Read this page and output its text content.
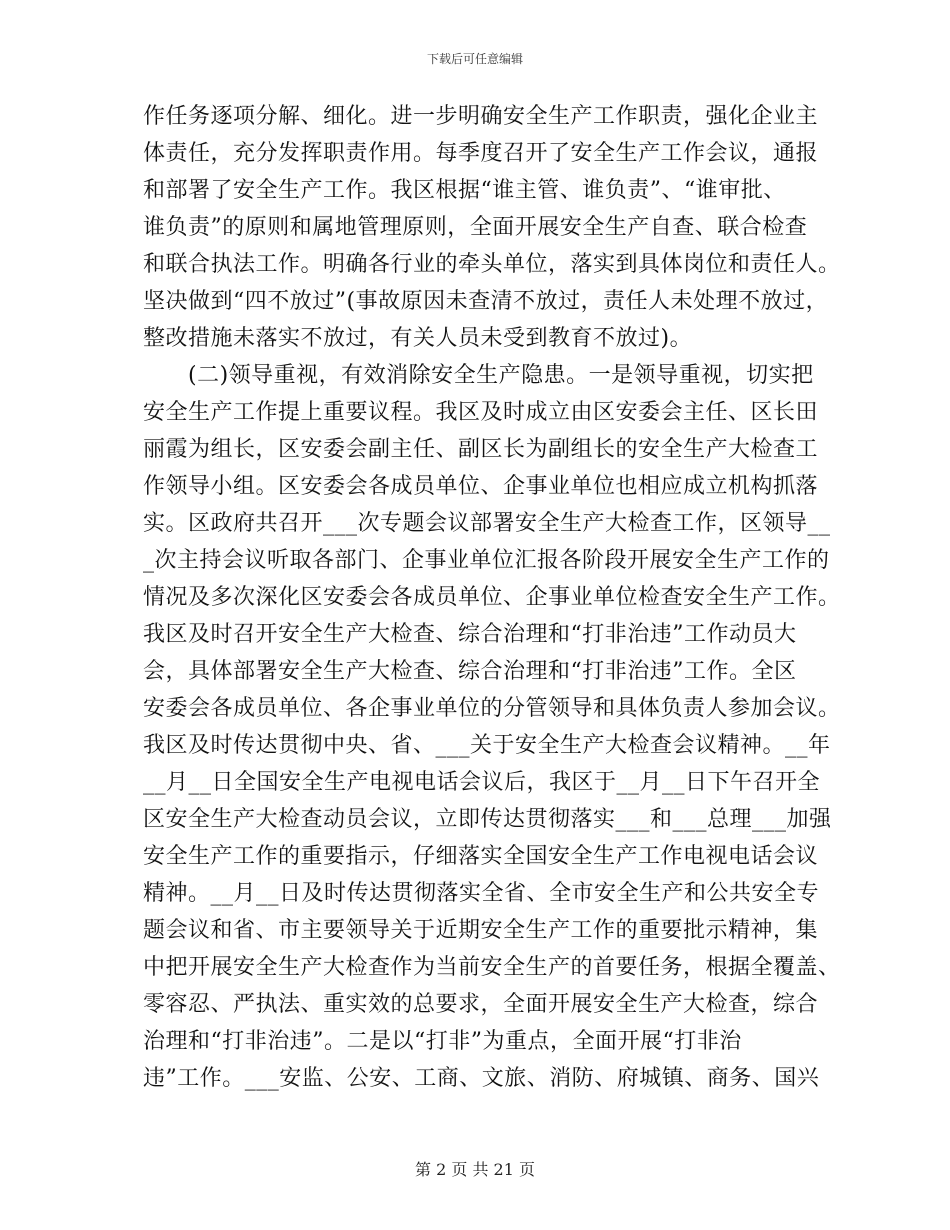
下载后可任意编辑
作任务逐项分解、细化。进一步明确安全生产工作职责，强化企业主
体责任，充分发挥职责作用。每季度召开了安全生产工作会议，通报
和部署了安全生产工作。我区根据“谁主管、谁负责”、“谁审批、
谁负责”的原则和属地管理原则，全面开展安全生产自查、联合检查
和联合执法工作。明确各行业的牵头单位，落实到具体岗位和责任人。
坚决做到“四不放过”(事故原因未查清不放过，责任人未处理不放过，
整改措施未落实不放过，有关人员未受到教育不放过)。
　　(二)领导重视，有效消除安全生产隐患。一是领导重视，切实把
安全生产工作提上重要议程。我区及时成立由区安委会主任、区长田
丽霞为组长，区安委会副主任、副区长为副组长的安全生产大检查工
作领导小组。区安委会各成员单位、企事业单位也相应成立机构抓落
实。区政府共召开___次专题会议部署安全生产大检查工作，区领导__
_次主持会议听取各部门、企事业单位汇报各阶段开展安全生产工作的
情况及多次深化区安委会各成员单位、企事业单位检查安全生产工作。
我区及时召开安全生产大检查、综合治理和“打非治违”工作动员大
会，具体部署安全生产大检查、综合治理和“打非治违”工作。全区
安委会各成员单位、各企事业单位的分管领导和具体负责人参加会议。
我区及时传达贯彻中央、省、___关于安全生产大检查会议精神。__年
__月__日全国安全生产电视电话会议后，我区于__月__日下午召开全
区安全生产大检查动员会议，立即传达贯彻落实___和___总理___加强
安全生产工作的重要指示，仔细落实全国安全生产工作电视电话会议
精神。__月__日及时传达贯彻落实全省、全市安全生产和公共安全专
题会议和省、市主要领导关于近期安全生产工作的重要批示精神，集
中把开展安全生产大检查作为当前安全生产的首要任务，根据全覆盖、
零容忍、严执法、重实效的总要求，全面开展安全生产大检查，综合
治理和“打非治违”。二是以“打非”为重点，全面开展“打非治
违”工作。___安监、公安、工商、文旅、消防、府城镇、商务、国兴
第 2 页 共 21 页
